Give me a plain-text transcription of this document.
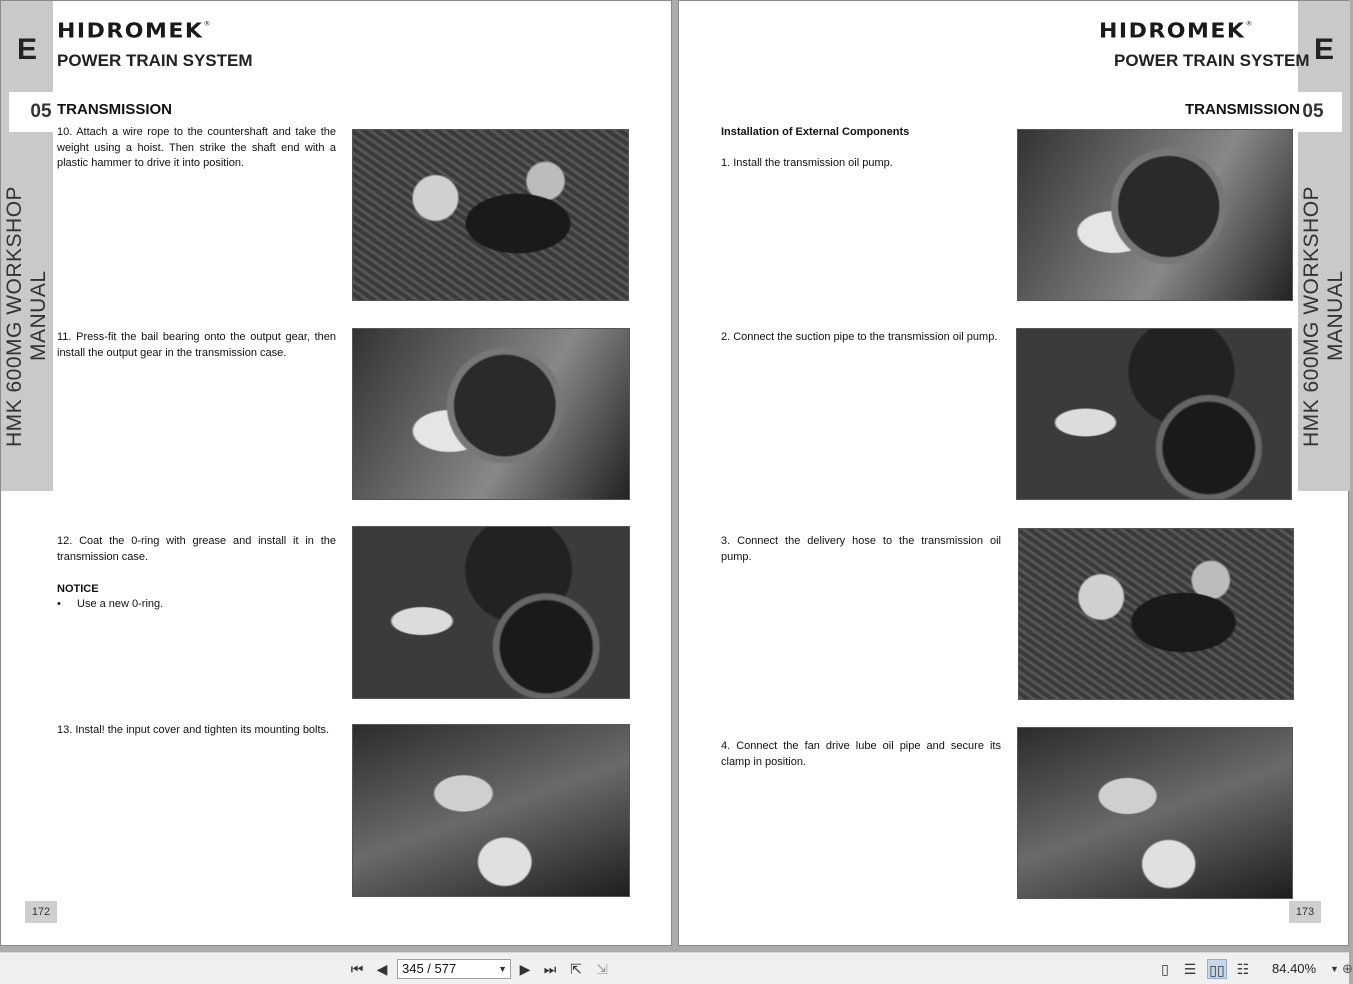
E
05
HMK 600MG WORKSHOP MANUAL
HIDROMEK®
POWER TRAIN SYSTEM
TRANSMISSION
10. Attach a wire rope to the countershaft and take the weight using a hoist. Then strike the shaft end with a plastic hammer to drive it into position.
11. Press-fit the bail bearing onto the output gear, then install the output gear in the transmission case.
12. Coat the 0-ring with grease and install it in the transmission case.
NOTICE
• Use a new 0-ring.
13. Instal! the input cover and tighten its mounting bolts.
172
E
05
HMK 600MG WORKSHOP MANUAL
HIDROMEK®
POWER TRAIN SYSTEM
TRANSMISSION
Installation of External Components
1. Install the transmission oil pump.
2. Connect the suction pipe to the transmission oil pump.
3. Connect the delivery hose to the transmission oil pump.
4. Connect the fan drive lube oil pipe and secure its clamp in position.
173
⏮ ◀	345 / 577	▼ ▶ ⏭ ⇱ ⇲	▯	☰ ▯▯ ☷ 84.40% ▼ ⊕
